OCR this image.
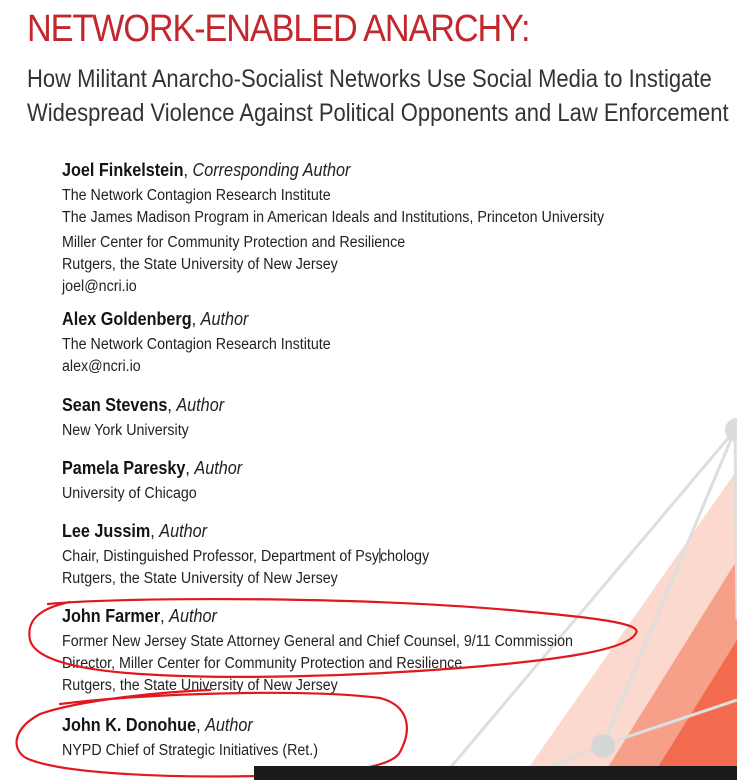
NETWORK-ENABLED ANARCHY:
How Militant Anarcho-Socialist Networks Use Social Media to Instigate
Widespread Violence Against Political Opponents and Law Enforcement
Joel Finkelstein, Corresponding Author
The Network Contagion Research Institute
The James Madison Program in American Ideals and Institutions, Princeton University
Miller Center for Community Protection and Resilience
Rutgers, the State University of New Jersey
joel@ncri.io
Alex Goldenberg, Author
The Network Contagion Research Institute
alex@ncri.io
Sean Stevens, Author
New York University
Pamela Paresky, Author
University of Chicago
Lee Jussim, Author
Chair, Distinguished Professor, Department of Psychology
Rutgers, the State University of New Jersey
John Farmer, Author
Former New Jersey State Attorney General and Chief Counsel, 9/11 Commission
Director, Miller Center for Community Protection and Resilience
Rutgers, the State University of New Jersey
John K. Donohue, Author
NYPD Chief of Strategic Initiatives (Ret.)
